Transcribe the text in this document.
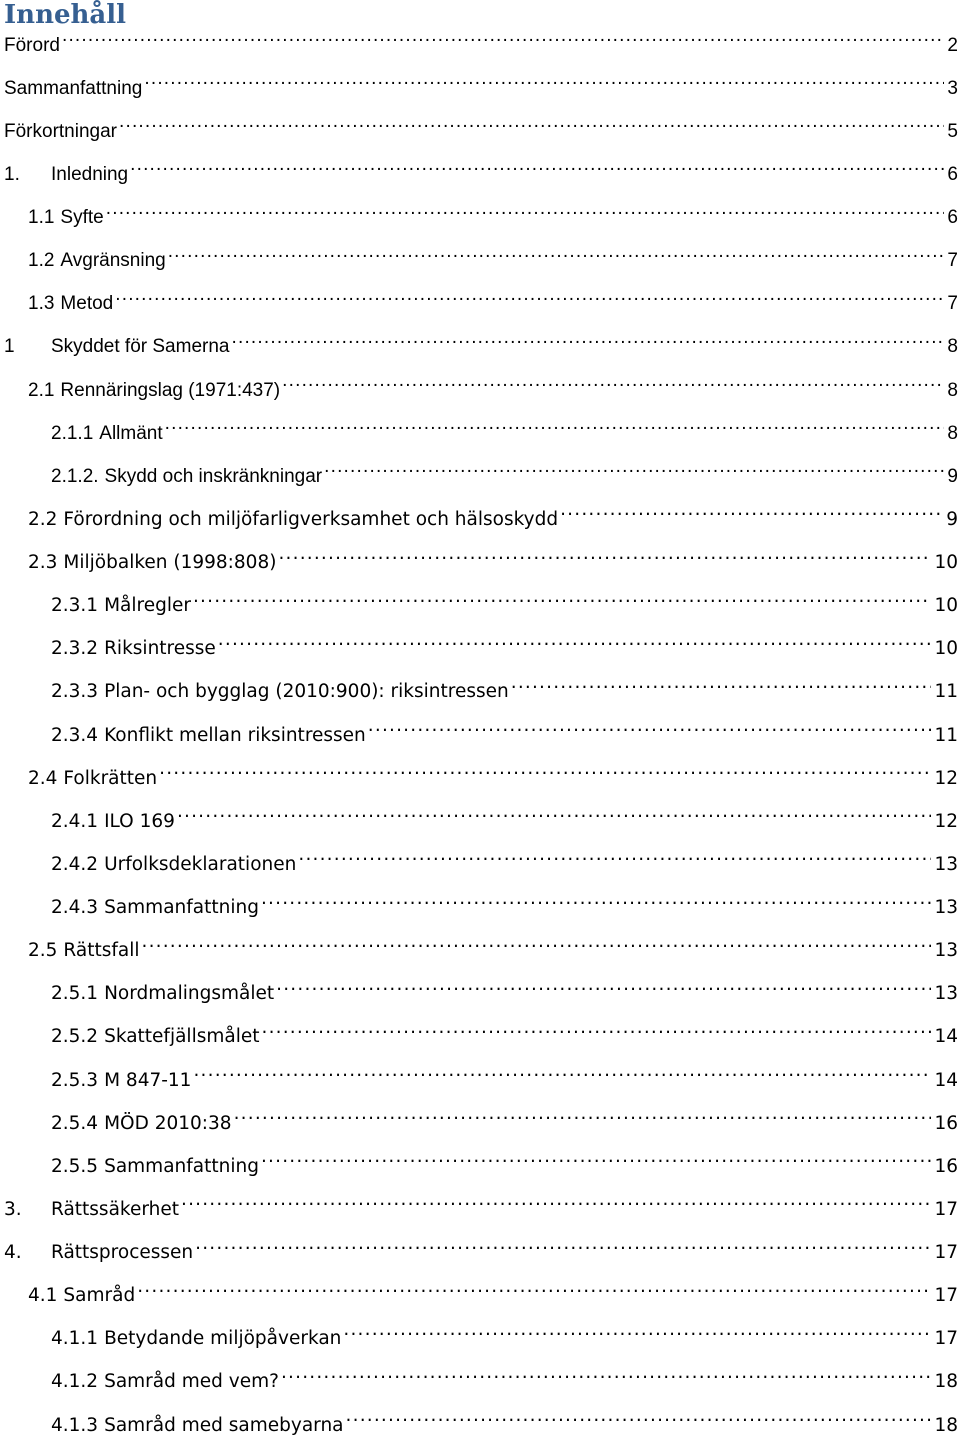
Innehåll
Förord .....	2
Sammanfattning .....	3
Förkortningar .....	5
1.	Inledning .....	6
1.1 Syfte .....	6
1.2 Avgränsning .....	7
1.3 Metod .....	7
1	Skyddet för Samerna .....	8
2.1 Rennäringslag (1971:437) .....	8
2.1.1 Allmänt .....	8
2.1.2. Skydd och inskränkningar .....	9
2.2 Förordning och miljöfarligverksamhet och hälsoskydd .....	9
2.3 Miljöbalken (1998:808) .....	10
2.3.1 Målregler .....	10
2.3.2 Riksintresse .....	10
2.3.3 Plan- och bygglag (2010:900): riksintressen .....	11
2.3.4 Konflikt mellan riksintressen .....	11
2.4 Folkrätten .....	12
2.4.1 ILO 169 .....	12
2.4.2 Urfolksdeklarationen .....	13
2.4.3 Sammanfattning .....	13
2.5 Rättsfall .....	13
2.5.1 Nordmalingsmålet .....	13
2.5.2 Skattefjällsmålet .....	14
2.5.3 M 847-11 .....	14
2.5.4 MÖD 2010:38 .....	16
2.5.5 Sammanfattning .....	16
3.	Rättssäkerhet .....	17
4.	Rättsprocessen .....	17
4.1 Samråd .....	17
4.1.1 Betydande miljöpåverkan .....	17
4.1.2 Samråd med vem? .....	18
4.1.3 Samråd med samebyarna .....	18
